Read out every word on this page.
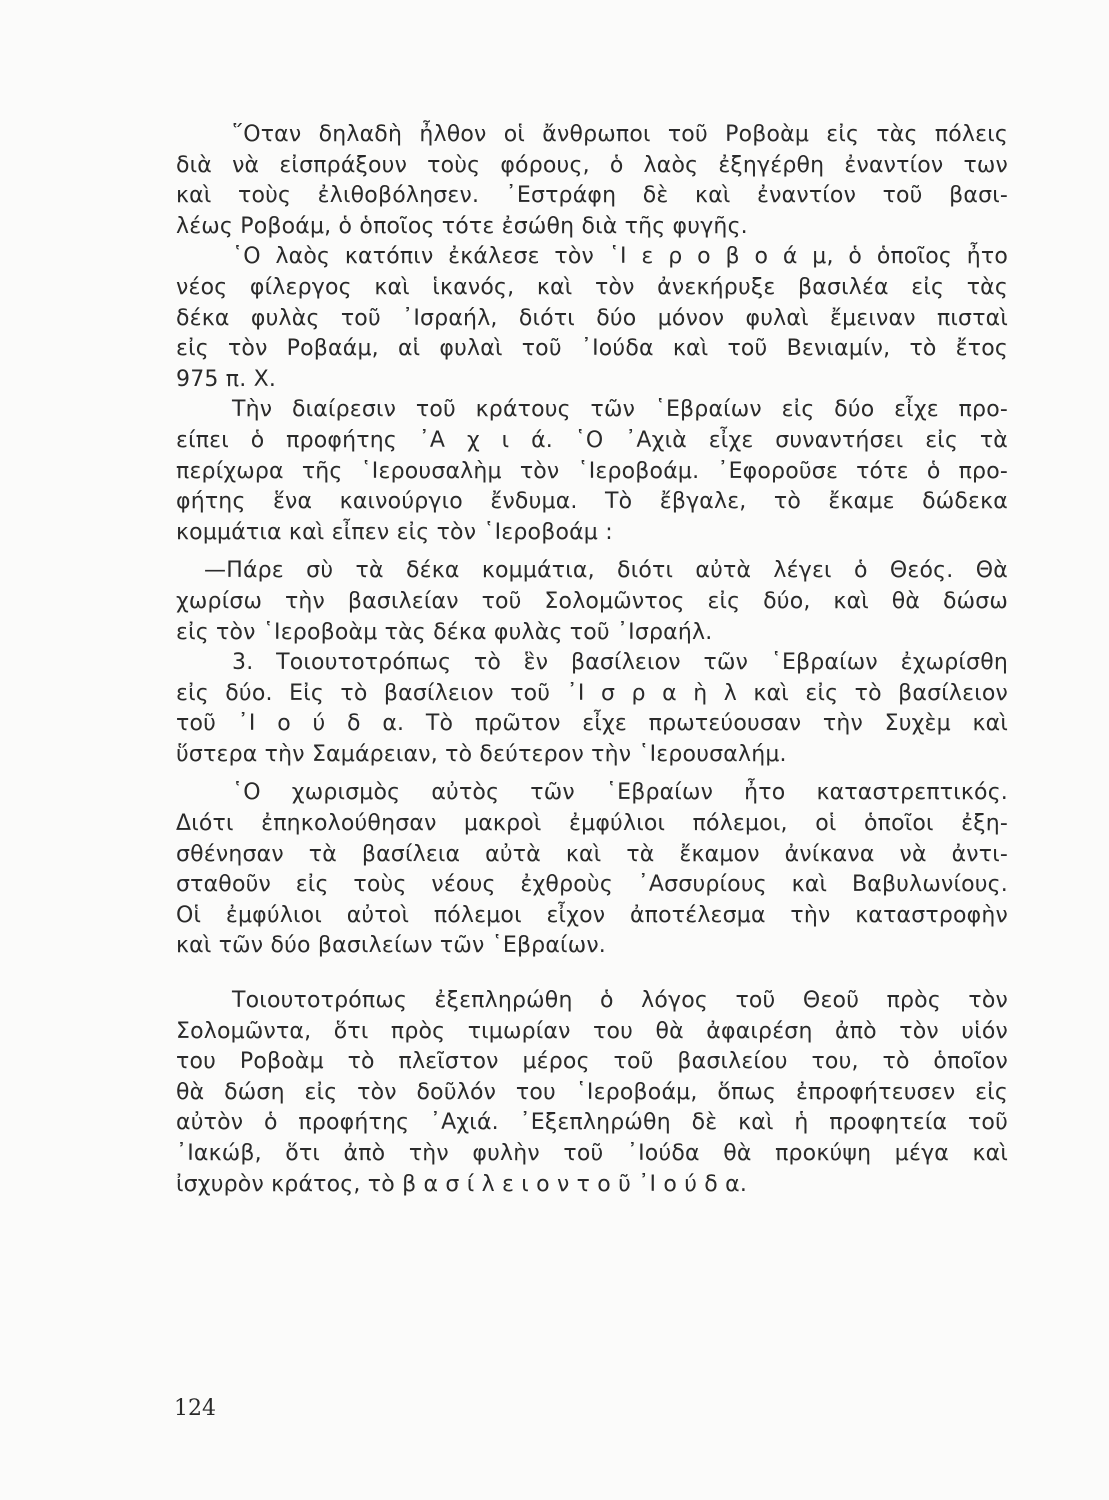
῞Οταν δηλαδὴ ἦλθον οἱ ἄνθρωποι τοῦ Ροβοὰμ εἰς τὰς πόλεις
διὰ νὰ εἰσπράξουν τοὺς φόρους, ὁ λαὸς ἐξηγέρθη ἐναντίον των
καὶ τοὺς ἐλιθοβόλησεν. ᾿Εστράφη δὲ καὶ ἐναντίον τοῦ βασι-
λέως Ροβοάμ, ὁ ὁποῖος τότε ἐσώθη διὰ τῆς φυγῆς.
῾Ο λαὸς κατόπιν ἐκάλεσε τὸν ῾Ι ε ρ ο β ο ά μ, ὁ ὁποῖος ἦτο
νέος φίλεργος καὶ ἱκανός, καὶ τὸν ἀνεκήρυξε βασιλέα εἰς τὰς
δέκα φυλὰς τοῦ ᾿Ισραήλ, διότι δύο μόνον φυλαὶ ἔμειναν πισταὶ
εἰς τὸν Ροβαάμ, αἱ φυλαὶ τοῦ ᾿Ιούδα καὶ τοῦ Βενιαμίν, τὸ ἔτος
975 π. Χ.
Τὴν διαίρεσιν τοῦ κράτους τῶν ῾Εβραίων εἰς δύο εἶχε προ-
είπει ὁ προφήτης ᾿Α χ ι ά. ῾Ο ᾿Αχιὰ εἶχε συναντήσει εἰς τὰ
περίχωρα τῆς ῾Ιερουσαλὴμ τὸν ῾Ιεροβοάμ. ᾿Εφοροῦσε τότε ὁ προ-
φήτης ἕνα καινούργιο ἔνδυμα. Τὸ ἔβγαλε, τὸ ἔκαμε δώδεκα
κομμάτια καὶ εἶπεν εἰς τὸν ῾Ιεροβοάμ :
—Πάρε σὺ τὰ δέκα κομμάτια, διότι αὐτὰ λέγει ὁ Θεός. Θὰ
χωρίσω τὴν βασιλείαν τοῦ Σολομῶντος εἰς δύο, καὶ θὰ δώσω
εἰς τὸν ῾Ιεροβοὰμ τὰς δέκα φυλὰς τοῦ ᾿Ισραήλ.
3. Τοιουτοτρόπως τὸ ἓν βασίλειον τῶν ῾Εβραίων ἐχωρίσθη
εἰς δύο. Εἰς τὸ βασίλειον τοῦ ᾿Ι σ ρ α ὴ λ καὶ εἰς τὸ βασίλειον
τοῦ ᾿Ι ο ύ δ α. Τὸ πρῶτον εἶχε πρωτεύουσαν τὴν Συχὲμ καὶ
ὕστερα τὴν Σαμάρειαν, τὸ δεύτερον τὴν ῾Ιερουσαλήμ.
῾Ο χωρισμὸς αὐτὸς τῶν ῾Εβραίων ἦτο καταστρεπτικός.
Διότι ἐπηκολούθησαν μακροὶ ἐμφύλιοι πόλεμοι, οἱ ὁποῖοι ἐξη-
σθένησαν τὰ βασίλεια αὐτὰ καὶ τὰ ἔκαμον ἀνίκανα νὰ ἀντι-
σταθοῦν εἰς τοὺς νέους ἐχθροὺς ᾿Ασσυρίους καὶ Βαβυλωνίους.
Οἱ ἐμφύλιοι αὐτοὶ πόλεμοι εἶχον ἀποτέλεσμα τὴν καταστροφὴν
καὶ τῶν δύο βασιλείων τῶν ῾Εβραίων.
Τοιουτοτρόπως ἐξεπληρώθη ὁ λόγος τοῦ Θεοῦ πρὸς τὸν
Σολομῶντα, ὅτι πρὸς τιμωρίαν του θὰ ἀφαιρέση ἀπὸ τὸν υἱόν
του Ροβοὰμ τὸ πλεῖστον μέρος τοῦ βασιλείου του, τὸ ὁποῖον
θὰ δώση εἰς τὸν δοῦλόν του ῾Ιεροβοάμ, ὅπως ἐπροφήτευσεν εἰς
αὐτὸν ὁ προφήτης ᾿Αχιά. ᾿Εξεπληρώθη δὲ καὶ ἡ προφητεία τοῦ
᾿Ιακώβ, ὅτι ἀπὸ τὴν φυλὴν τοῦ ᾿Ιούδα θὰ προκύψη μέγα καὶ
ἰσχυρὸν κράτος, τὸ β α σ ί λ ε ι ο ν τ ο ῦ ᾿Ι ο ύ δ α.
124
